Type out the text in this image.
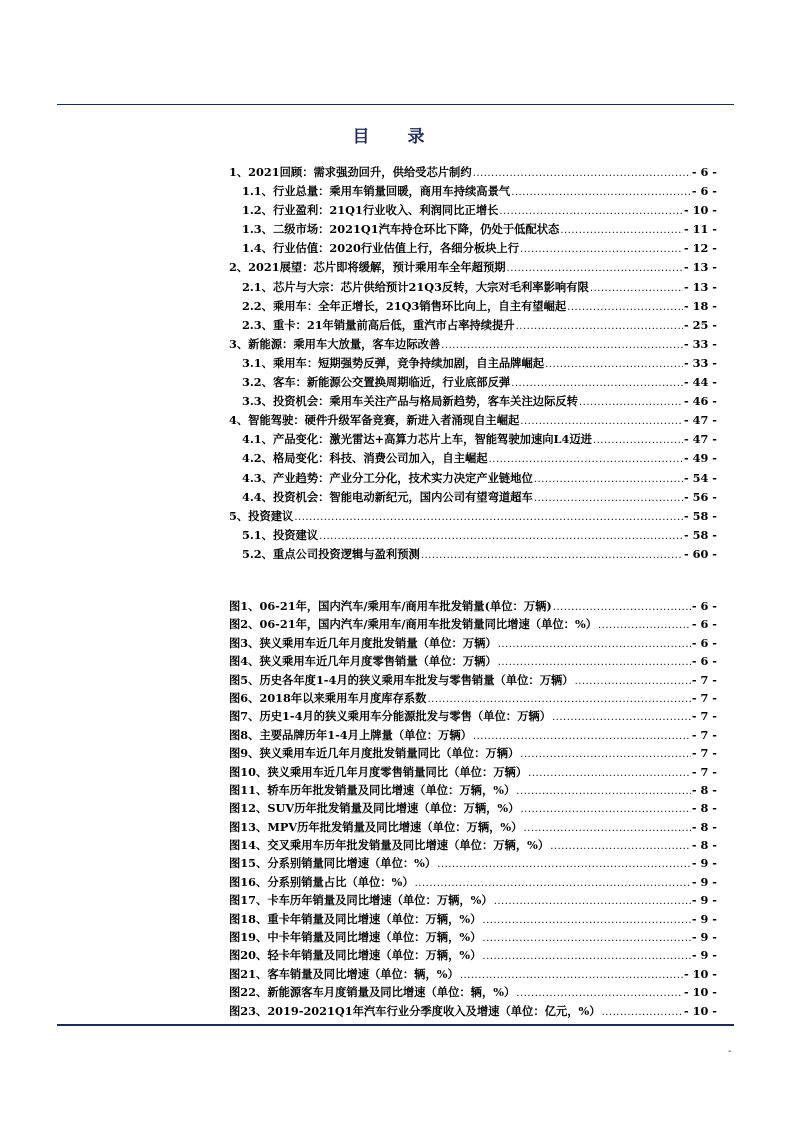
目 录
1、2021回顾：需求强劲回升，供给受芯片制约 .....	- 6 -
1.1、行业总量：乘用车销量回暖，商用车持续高景气 .....	- 6 -
1.2、行业盈利：21Q1行业收入、利润同比正增长 .....	- 10 -
1.3、二级市场：2021Q1汽车持仓环比下降，仍处于低配状态 .....	- 11 -
1.4、行业估值：2020行业估值上行，各细分板块上行 .....	- 12 -
2、2021展望：芯片即将缓解，预计乘用车全年超预期 .....	- 13 -
2.1、芯片与大宗：芯片供给预计21Q3反转，大宗对毛利率影响有限 .....	- 13 -
2.2、乘用车：全年正增长，21Q3销售环比向上，自主有望崛起 .....	- 18 -
2.3、重卡：21年销量前高后低，重汽市占率持续提升 .....	- 25 -
3、新能源：乘用车大放量，客车边际改善 .....	- 33 -
3.1、乘用车：短期强势反弹，竞争持续加剧，自主品牌崛起 .....	- 33 -
3.2、客车：新能源公交置换周期临近，行业底部反弹 .....	- 44 -
3.3、投资机会：乘用车关注产品与格局新趋势，客车关注边际反转 .....	- 46 -
4、智能驾驶：硬件升级军备竞赛，新进入者涌现自主崛起 .....	- 47 -
4.1、产品变化：激光雷达+高算力芯片上车，智能驾驶加速向L4迈进 .....	- 47 -
4.2、格局变化：科技、消费公司加入，自主崛起 .....	- 49 -
4.3、产业趋势：产业分工分化，技术实力决定产业链地位 .....	- 54 -
4.4、投资机会：智能电动新纪元，国内公司有望弯道超车 .....	- 56 -
5、投资建议 .....	- 58 -
5.1、投资建议 .....	- 58 -
5.2、重点公司投资逻辑与盈利预测 .....	- 60 -
图1、06-21年，国内汽车/乘用车/商用车批发销量(单位：万辆) .....	- 6 -
图2、06-21年，国内汽车/乘用车/商用车批发销量同比增速（单位：%） .....	- 6 -
图3、狭义乘用车近几年月度批发销量（单位：万辆） .....	- 6 -
图4、狭义乘用车近几年月度零售销量（单位：万辆） .....	- 6 -
图5、历史各年度1-4月的狭义乘用车批发与零售销量（单位：万辆） .....	- 7 -
图6、2018年以来乘用车月度库存系数 .....	- 7 -
图7、历史1-4月的狭义乘用车分能源批发与零售（单位：万辆） .....	- 7 -
图8、主要品牌历年1-4月上牌量（单位：万辆） .....	- 7 -
图9、狭义乘用车近几年月度批发销量同比（单位：万辆） .....	- 7 -
图10、狭义乘用车近几年月度零售销量同比（单位：万辆） .....	- 7 -
图11、轿车历年批发销量及同比增速（单位：万辆，%） .....	- 8 -
图12、SUV历年批发销量及同比增速（单位：万辆，%） .....	- 8 -
图13、MPV历年批发销量及同比增速（单位：万辆，%） .....	- 8 -
图14、交叉乘用车历年批发销量及同比增速（单位：万辆，%） .....	- 8 -
图15、分系别销量同比增速（单位：%） .....	- 9 -
图16、分系别销量占比（单位：%） .....	- 9 -
图17、卡车历年销量及同比增速（单位：万辆，%） .....	- 9 -
图18、重卡年销量及同比增速（单位：万辆，%） .....	- 9 -
图19、中卡年销量及同比增速（单位：万辆，%） .....	- 9 -
图20、轻卡年销量及同比增速（单位：万辆，%） .....	- 9 -
图21、客车销量及同比增速（单位：辆，%） .....	- 10 -
图22、新能源客车月度销量及同比增速（单位：辆，%） .....	- 10 -
图23、2019-2021Q1年汽车行业分季度收入及增速（单位：亿元，%） .....	- 10 -
-
